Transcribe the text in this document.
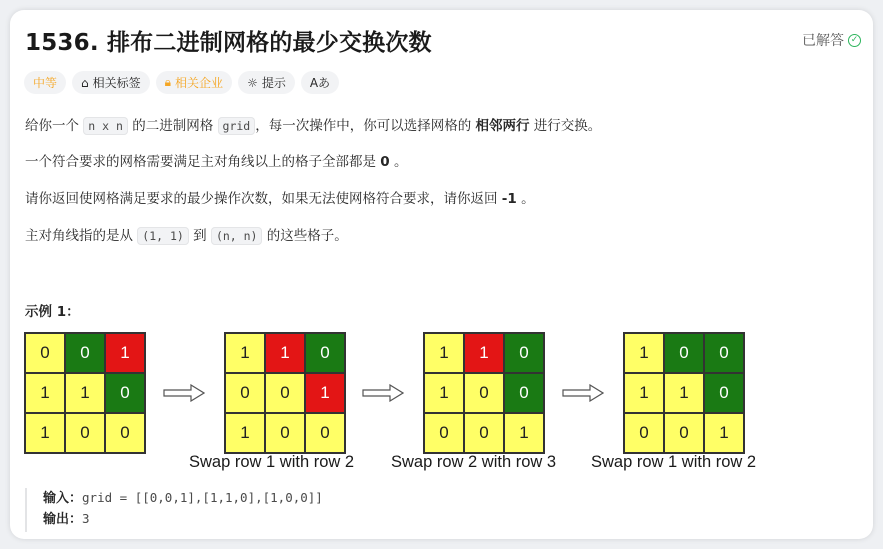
1536. 排布二进制网格的最少交换次数	已解答 ✓
中等 ⌂ 相关标签 🔒︎ 相关企业 ☼ 提示 Aあ
给你一个 n x n 的二进制网格 grid ，每一次操作中，你可以选择网格的 相邻两行 进行交换。
一个符合要求的网格需要满足主对角线以上的格子全部都是 0 。
请你返回使网格满足要求的最少操作次数，如果无法使网格符合要求，请你返回 -1 。
主对角线指的是从 (1, 1) 到 (n, n) 的这些格子。
示例 1：
0	0	1
1	1	0
1	0	0
1	1	0
0	0	1
1	0	0
1	1	0
1	0	0
0	0	1
1	0	0
1	1	0
0	0	1
Swap row 1 with row 2 Swap row 2 with row 3 Swap row 1 with row 2
输入：grid = [[0,0,1],[1,1,0],[1,0,0]]
输出：3
